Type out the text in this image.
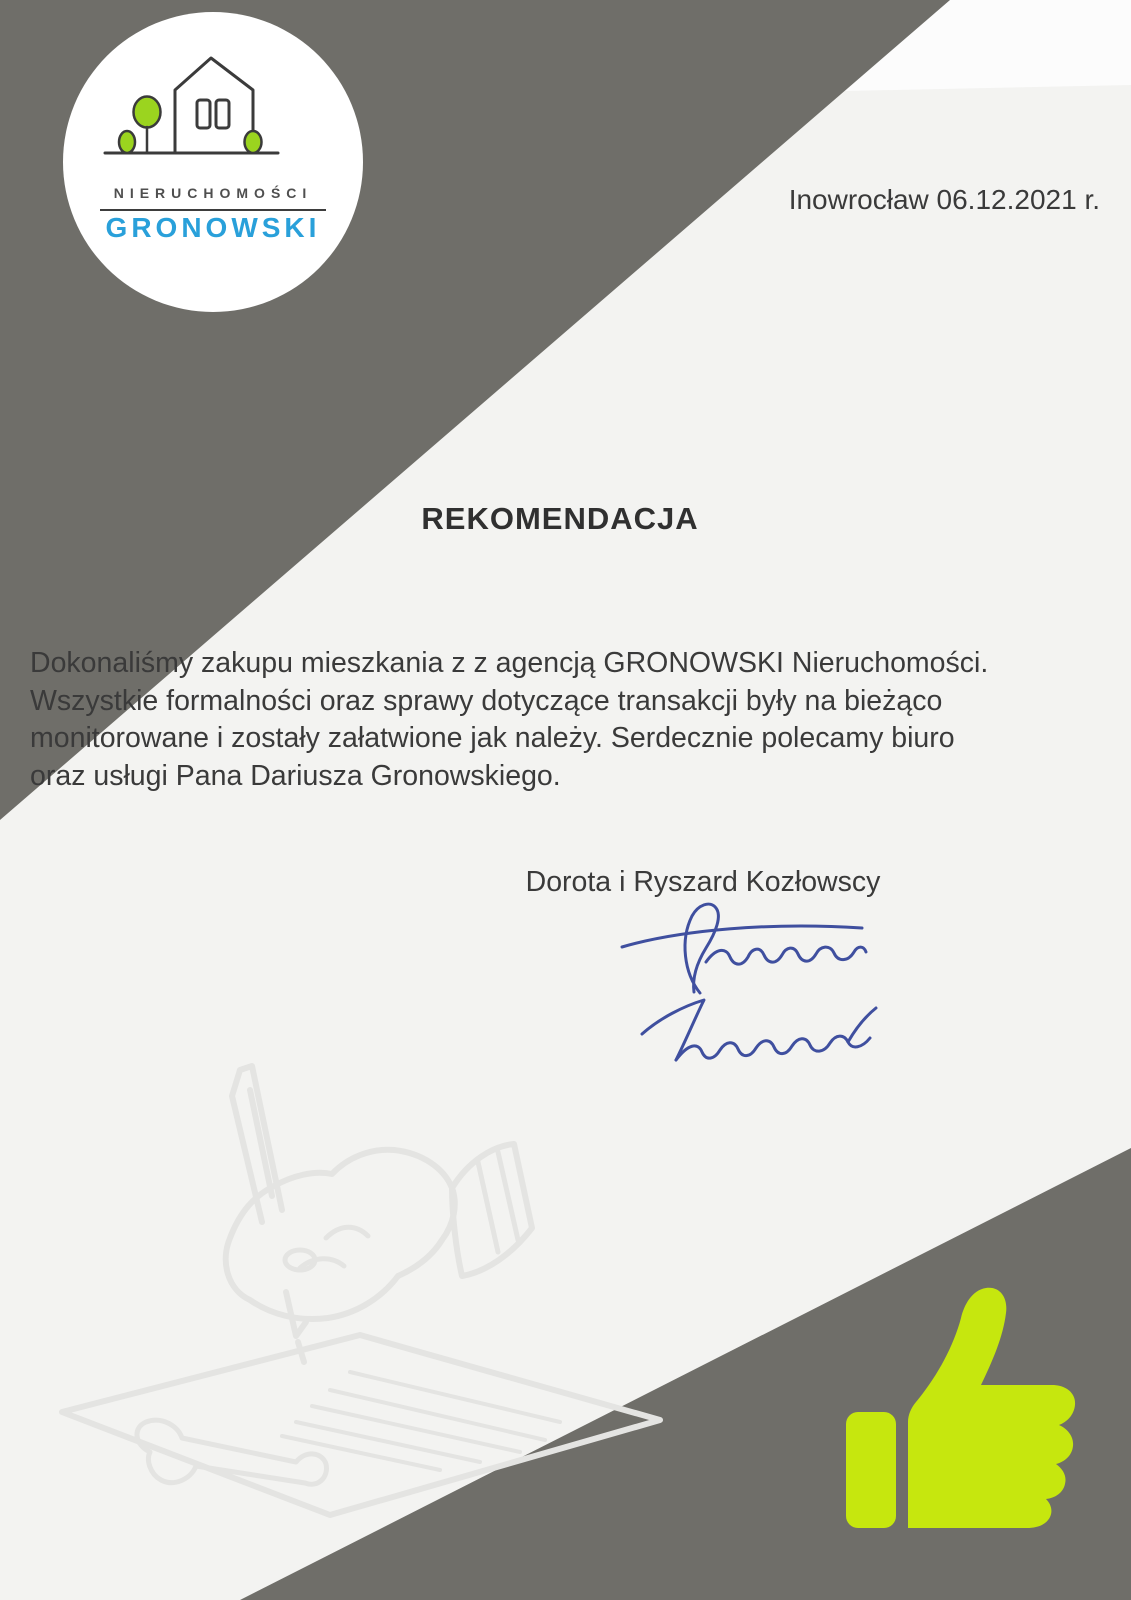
NIERUCHOMOŚCI
GRONOWSKI
Inowrocław 06.12.2021 r.
REKOMENDACJA
Dokonaliśmy zakupu mieszkania z z agencją GRONOWSKI Nieruchomości.
Wszystkie formalności oraz sprawy dotyczące transakcji były na bieżąco
monitorowane i zostały załatwione jak należy. Serdecznie polecamy biuro
oraz usługi Pana Dariusza Gronowskiego.
Dorota i Ryszard Kozłowscy
